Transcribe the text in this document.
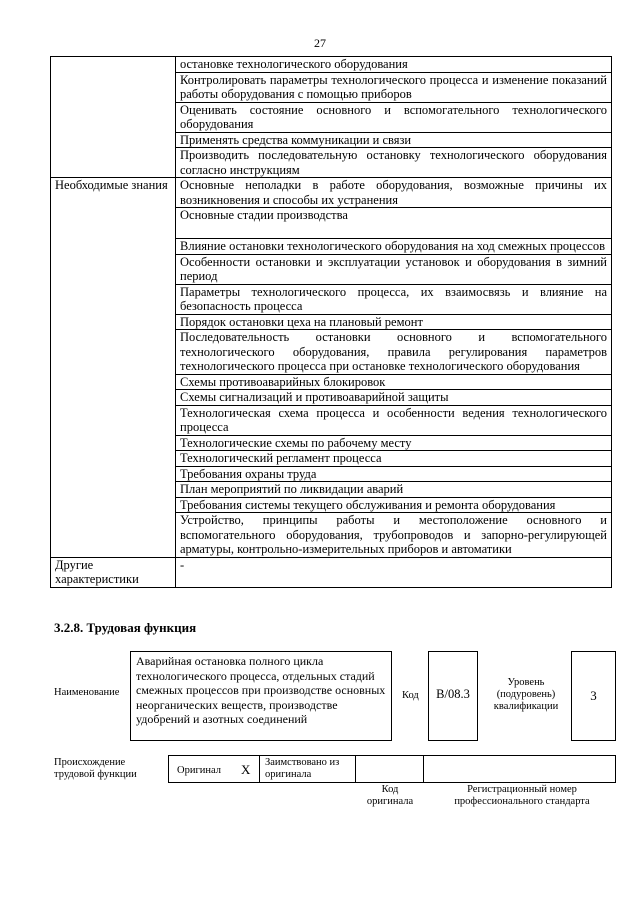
27
	остановке технологического оборудования
	Контролировать параметры технологического процесса и изменение показаний работы оборудования с помощью приборов
	Оценивать состояние основного и вспомогательного технологического оборудования
	Применять средства коммуникации и связи
	Производить последовательную остановку технологического оборудования согласно инструкциям
Необходимые знания	Основные неполадки в работе оборудования, возможные причины их возникновения и способы их устранения
	Основные стадии производства
	Влияние остановки технологического оборудования на ход смежных процессов
	Особенности остановки и эксплуатации установок и оборудования в зимний период
	Параметры технологического процесса, их взаимосвязь и влияние на безопасность процесса
	Порядок остановки цеха на плановый ремонт
	Последовательность остановки основного и вспомогательного технологического оборудования, правила регулирования параметров технологического процесса при остановке технологического оборудования
	Схемы противоаварийных блокировок
	Схемы сигнализаций и противоаварийной защиты
	Технологическая схема процесса и особенности ведения технологического процесса
	Технологические схемы по рабочему месту
	Технологический регламент процесса
	Требования охраны труда
	План мероприятий по ликвидации аварий
	Требования системы текущего обслуживания и ремонта оборудования
	Устройство, принципы работы и местоположение основного и вспомогательного оборудования, трубопроводов и запорно-регулирующей арматуры, контрольно-измерительных приборов и автоматики
Другие характеристики	-
3.2.8. Трудовая функция
Наименование
Аварийная остановка полного цикла технологического процесса, отдельных стадий смежных процессов при производстве основных неорганических веществ, производстве удобрений и азотных соединений
Код	B/08.3
Уровень (подуровень) квалификации
3
Происхождение трудовой функции	Оригинал X Заимствовано из оригинала
Код оригинала
Регистрационный номер профессионального стандарта
